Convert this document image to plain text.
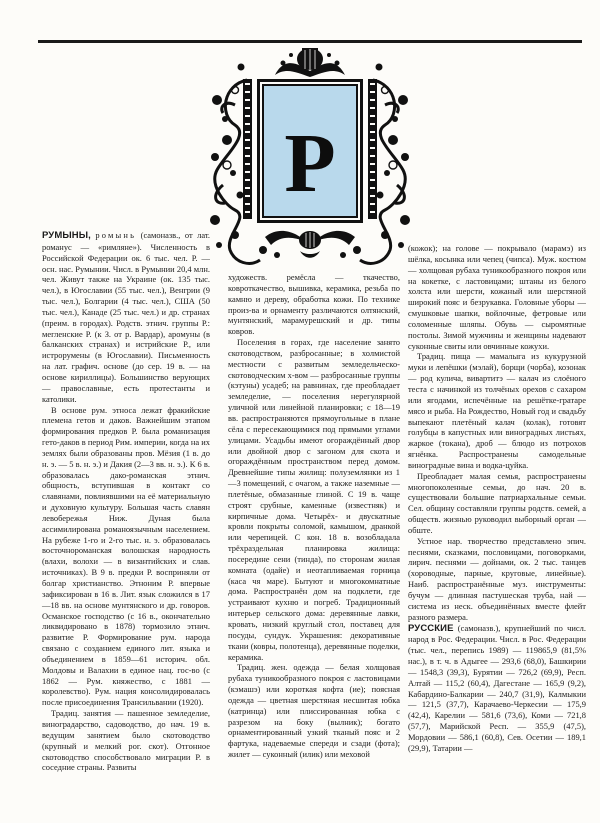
Р

РУМЫНЫ, ромынь (самоназв., от лат. романус — «римляне»). Численность в Российской Федерации ок. 6 тыс. чел. Р. — осн. нас. Румынии. Числ. в Румынии 20,4 млн. чел. Живут также на Украине (ок. 135 тыс. чел.), в Югославии (55 тыс. чел.), Венгрии (9 тыс. чел.), Болгарии (4 тыс. чел.), США (50 тыс. чел.), Канаде (25 тыс. чел.) и др. странах (преим. в городах). Родств. этнич. группы Р.: мегленские Р. (к З. от р. Вардар), аромуны (в балканских странах) и истрийские Р., или истрорумены (в Югославии). Письменность на лат. графич. основе (до сер. 19 в. — на основе кириллицы). Большинство верующих — православные, есть протестанты и католики.

В основе рум. этноса лежат фракийские племена гетов и даков. Важнейшим этапом формирования предков Р. была романизация гето-даков в период Рим. империи, когда на их землях были образованы пров. Мёзия (1 в. до н. э. — 5 в. н. э.) и Дакия (2—3 вв. н. э.). К 6 в. образовалась дако-романская этнич. общность, вступившая в контакт со славянами, повлиявшими на её материальную и духовную культуру. Большая часть славян левобережья Ниж. Дуная была ассимилирована романоязычным населением. На рубеже 1-го и 2-го тыс. н. э. образовалась восточнороманская волошская народность (влахи, волохи — в византийских и слав. источниках). В 9 в. предки Р. восприняли от болгар христианство. Этноним Р. впервые зафиксирован в 16 в. Лит. язык сложился в 17—18 вв. на основе мунтянского и др. говоров. Османское господство (с 16 в., окончательно ликвидировано в 1878) тормозило этнич. развитие Р. Формирование рум. народа связано с созданием единого лит. языка и объединением в 1859—61 историч. обл. Молдовы и Валахии в единое нац. гос-во (с 1862 — Рум. княжество, с 1881 — королевство). Рум. нация консолидировалась после присоединения Трансильвании (1920).

Традиц. занятия — пашенное земледелие, виноградарство, садоводство, до нач. 19 в. ведущим занятием было скотоводство (крупный и мелкий рог. скот). Отгонное скотоводство способствовало миграции Р. в соседние страны. Развиты

художеств. ремёсла — ткачество, ковроткачество, вышивка, керамика, резьба по камню и дереву, обработка кожи. По технике произ-ва и орнаменту различаются олтянский, мунтянский, марамурешский и др. типы ковров.

Поселения в горах, где население занято скотоводством, разбросанные; в холмистой местности с развитым земледельческо-скотоводческим х-вом — разбросанные группы (кэтуны) усадеб; на равнинах, где преобладает земледелие, — поселения нерегулярной уличной или линейной планировки; с 18—19 вв. распространяются прямоугольные в плане сёла с пересекающимися под прямыми углами улицами. Усадьбы имеют огораждённый двор или двойной двор с загоном для скота и огораждённым пространством перед домом. Древнейшие типы жилищ: полуземлянки из 1—3 помещений, с очагом, а также наземные — плетёные, обмазанные глиной. С 19 в. чаще строят срубные, каменные (известняк) и кирпичные дома. Четырёх- и двускатные кровли покрыты соломой, камышом, дранкой или черепицей. С кон. 18 в. возобладала трёхраздельная планировка жилища: посередине сени (тинда), по сторонам жилая комната (одайе) и неотапливаемая горница (каса чя маре). Бытуют и многокомнатные дома. Распространён дом на подклети, где устраивают кухню и погреб. Традиционный интерьер сельского дома: деревянные лавки, кровать, низкий круглый стол, поставец для посуды, сундук. Украшения: декоративные ткани (ковры, полотенца), деревянные поделки, керамика.

Традиц. жен. одежда — белая холщовая рубаха туникообразного покроя с ластовицами (кэмашэ) или короткая кофта (ие); поясная одежда — цветная шерстяная несшитая юбка (катринца) или плиссированная юбка с разрезом на боку (вылник); богато орнаментированный узкий тканый пояс и 2 фартука, надеваемые спереди и сзади (фота); жилет — суконный (илик) или меховой

(кожок); на голове — покрывало (марамэ) из шёлка, косынка или чепец (чипса). Муж. костюм — холщовая рубаха туникообразного покроя или на кокетке, с ластовицами; штаны из белого холста или шерсти, кожаный или шерстяной широкий пояс и безрукавка. Головные уборы — смушковые шапки, войлочные, фетровые или соломенные шляпы. Обувь — сыромятные постолы. Зимой мужчины и женщины надевают суконные свиты или овчинные кожухи.

Традиц. пища — мамалыга из кукурузной муки и лепёшки (мэлай), борщи (чорба), козонак — род кулича, вивартитэ — калач из слоёного теста с начинкой из толчёных орехов с сахаром или ягодами, испечённые на решётке-гратаре мясо и рыба. На Рождество, Новый год и свадьбу выпекают плетёный калач (колак), готовят голубцы в капустных или виноградных листьях, жаркое (токана), дроб — блюдо из потрохов ягнёнка. Распространены самодельные виноградные вина и водка-цуйка.

Преобладает малая семья, распространены многопоколенные семьи, до нач. 20 в. существовали большие патриархальные семьи. Сел. общину составляли группы родств. семей, а обществ. жизнью руководил выборный орган — обште.

Устное нар. творчество представлено эпич. песнями, сказками, пословицами, поговорками, лирич. песнями — дойнами, ок. 2 тыс. танцев (хороводные, парные, круговые, линейные). Наиб. распространённые муз. инструменты: бучум — длинная пастушеская труба, най — система из неск. объединённых вместе флейт разного размера.

РУССКИЕ (самоназв.), крупнейший по числ. народ в Рос. Федерации. Числ. в Рос. Федерации (тыс. чел., перепись 1989) — 119865,9 (81,5% нас.), в т. ч. в Адыгее — 293,6 (68,0), Башкирии — 1548,3 (39,3), Бурятии — 726,2 (69,9), Респ. Алтай — 115,2 (60,4), Дагестане — 165,9 (9,2), Кабардино-Балкарии — 240,7 (31,9), Калмыкии — 121,5 (37,7), Карачаево-Черкесии — 175,9 (42,4), Карелии — 581,6 (73,6), Коми — 721,8 (57,7), Марийской Респ. — 355,9 (47,5), Мордовии — 586,1 (60,8), Сев. Осетии — 189,1 (29,9), Татарии —
